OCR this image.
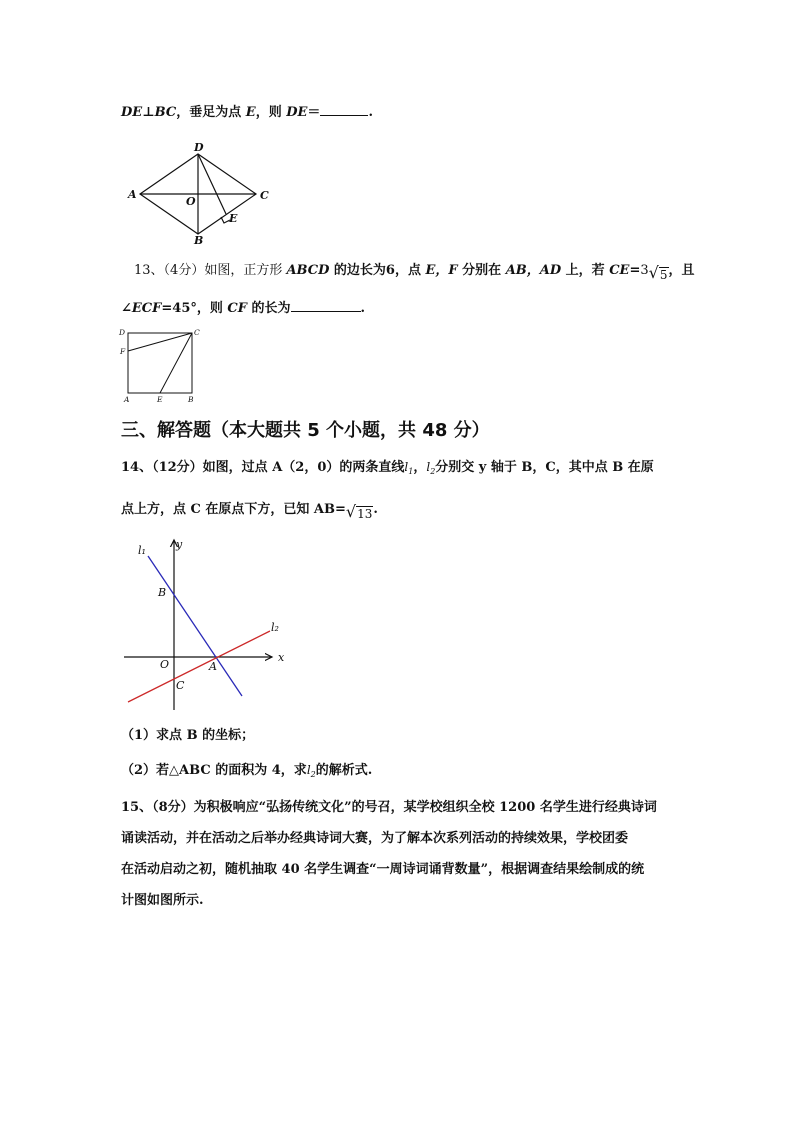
DE⊥BC，垂足为点 E，则 DE＝	.
D
A	C
O
E
B
13、（4分）如图，正方形 ABCD 的边长为6，点 E，F 分别在 AB，AD 上，若 CE=3 √ 5 ，且
∠ECF=45°，则 CF 的长为	.
D	C
F
A	E	B
三、解答题（本大题共 5 个小题，共 48 分）
14、（12分）如图，过点 A（2，0）的两条直线$l_1$，$l_2$分别交 y 轴于 B，C，其中点 B 在原
点上方，点 C 在原点下方，已知 AB= √ 13 .
l₁	y
B
l₂
x
O	A
C
（1）求点 B 的坐标；
（2）若△ABC 的面积为 4，求$l_2$的解析式.
15、（8分）为积极响应“弘扬传统文化”的号召，某学校组织全校 1200 名学生进行经典诗词
诵读活动，并在活动之后举办经典诗词大赛，为了解本次系列活动的持续效果，学校团委
在活动启动之初，随机抽取 40 名学生调查“一周诗词诵背数量”，根据调查结果绘制成的统
计图如图所示.
